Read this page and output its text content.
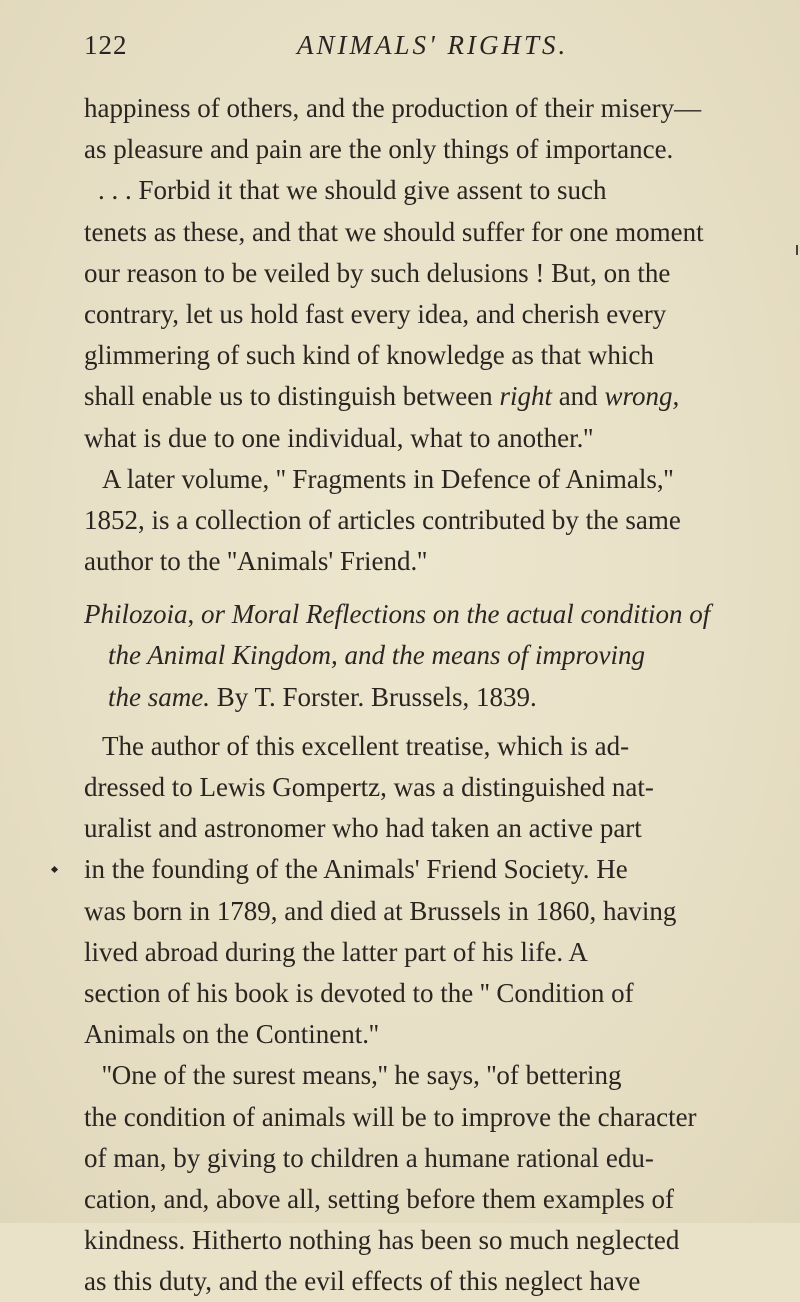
122	ANIMALS' RIGHTS.
happiness of others, and the production of their misery—
as pleasure and pain are the only things of importance.
. . . Forbid it that we should give assent to such
tenets as these, and that we should suffer for one moment
our reason to be veiled by such delusions ! But, on the
contrary, let us hold fast every idea, and cherish every
glimmering of such kind of knowledge as that which
shall enable us to distinguish between right and wrong,
what is due to one individual, what to another.''
A later volume, '' Fragments in Defence of Animals,''
1852, is a collection of articles contributed by the same
author to the ''Animals' Friend.''
Philozoia, or Moral Reflections on the actual condition of
the Animal Kingdom, and the means of improving
the same. By T. Forster. Brussels, 1839.
The author of this excellent treatise, which is ad-
dressed to Lewis Gompertz, was a distinguished nat-
uralist and astronomer who had taken an active part
in the founding of the Animals' Friend Society. He
was born in 1789, and died at Brussels in 1860, having
lived abroad during the latter part of his life. A
section of his book is devoted to the '' Condition of
Animals on the Continent.''
''One of the surest means,'' he says, ''of bettering
the condition of animals will be to improve the character
of man, by giving to children a humane rational edu-
cation, and, above all, setting before them examples of
kindness. Hitherto nothing has been so much neglected
as this duty, and the evil effects of this neglect have
